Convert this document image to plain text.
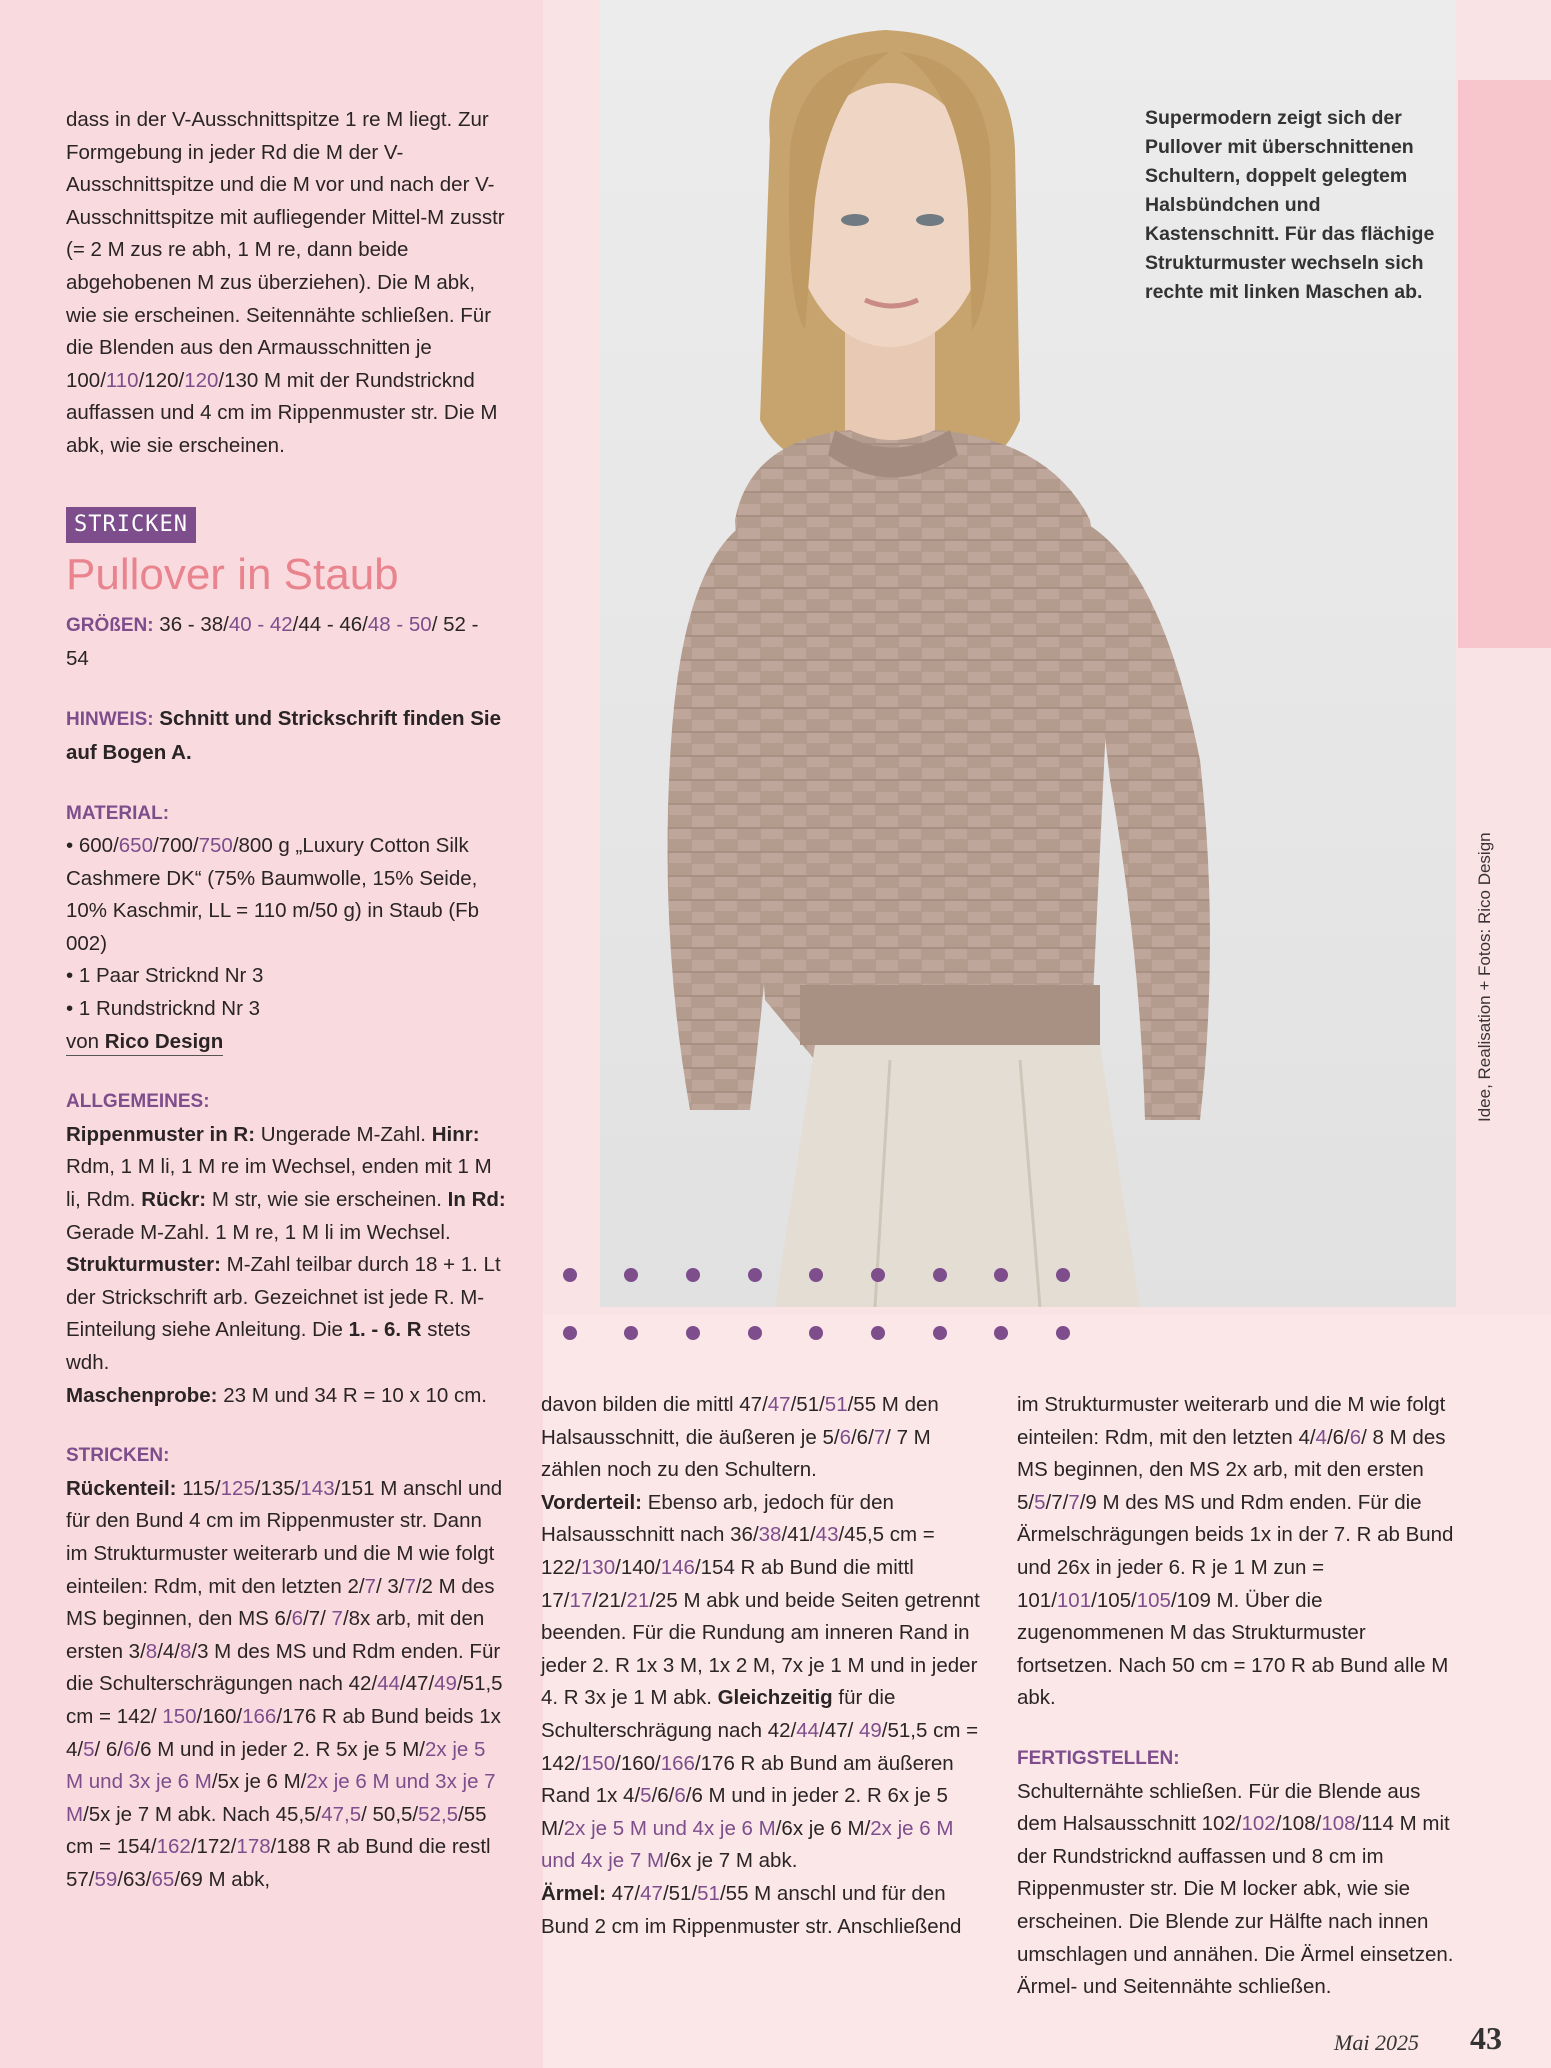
Supermodern zeigt sich der Pullover mit überschnittenen Schultern, doppelt gelegtem Halsbündchen und Kastenschnitt. Für das flächige Strukturmuster wechseln sich rechte mit linken Maschen ab.
Idee, Realisation + Fotos: Rico Design

dass in der V-Ausschnittspitze 1 re M liegt. Zur Formgebung in jeder Rd die M der V-Ausschnittspitze und die M vor und nach der V-Ausschnittspitze mit aufliegender Mittel-M zusstr (= 2 M zus re abh, 1 M re, dann beide abgehobenen M zus überziehen). Die M abk, wie sie erscheinen. Seitennähte schließen. Für die Blenden aus den Armausschnitten je 100/110/120/120/130 M mit der Rundstricknd auffassen und 4 cm im Rippenmuster str. Die M abk, wie sie erscheinen.

STRICKEN
Pullover in Staub

GRÖßEN: 36 - 38/40 - 42/44 - 46/48 - 50/ 52 - 54

HINWEIS: Schnitt und Strickschrift finden Sie auf Bogen A.

MATERIAL:

• 600/650/700/750/800 g „Luxury Cotton Silk Cashmere DK“ (75% Baumwolle, 15% Seide, 10% Kaschmir, LL = 110 m/50 g) in Staub (Fb 002)

• 1 Paar Stricknd Nr 3

• 1 Rundstricknd Nr 3

von Rico Design

ALLGEMEINES:

Rippenmuster in R: Ungerade M-Zahl. Hinr: Rdm, 1 M li, 1 M re im Wechsel, enden mit 1 M li, Rdm. Rückr: M str, wie sie erscheinen. In Rd: Gerade M-Zahl. 1 M re, 1 M li im Wechsel.

Strukturmuster: M-Zahl teilbar durch 18 + 1. Lt der Strickschrift arb. Gezeichnet ist jede R. M-Einteilung siehe Anleitung. Die 1. - 6. R stets wdh.

Maschenprobe: 23 M und 34 R = 10 x 10 cm.

STRICKEN:

Rückenteil: 115/125/135/143/151 M anschl und für den Bund 4 cm im Rippenmuster str. Dann im Strukturmuster weiterarb und die M wie folgt einteilen: Rdm, mit den letzten 2/7/ 3/7/2 M des MS beginnen, den MS 6/6/7/ 7/8x arb, mit den ersten 3/8/4/8/3 M des MS und Rdm enden. Für die Schulterschrägungen nach 42/44/47/49/51,5 cm = 142/ 150/160/166/176 R ab Bund beids 1x 4/5/ 6/6/6 M und in jeder 2. R 5x je 5 M/2x je 5 M und 3x je 6 M/5x je 6 M/2x je 6 M und 3x je 7 M/5x je 7 M abk. Nach 45,5/47,5/ 50,5/52,5/55 cm = 154/162/172/178/188 R ab Bund die restl 57/59/63/65/69 M abk,

davon bilden die mittl 47/47/51/51/55 M den Halsausschnitt, die äußeren je 5/6/6/7/ 7 M zählen noch zu den Schultern.

Vorderteil: Ebenso arb, jedoch für den Halsausschnitt nach 36/38/41/43/45,5 cm = 122/130/140/146/154 R ab Bund die mittl 17/17/21/21/25 M abk und beide Seiten getrennt beenden. Für die Rundung am inneren Rand in jeder 2. R 1x 3 M, 1x 2 M, 7x je 1 M und in jeder 4. R 3x je 1 M abk. Gleichzeitig für die Schulterschrägung nach 42/44/47/ 49/51,5 cm = 142/150/160/166/176 R ab Bund am äußeren Rand 1x 4/5/6/6/6 M und in jeder 2. R 6x je 5 M/2x je 5 M und 4x je 6 M/6x je 6 M/2x je 6 M und 4x je 7 M/6x je 7 M abk.

Ärmel: 47/47/51/51/55 M anschl und für den Bund 2 cm im Rippenmuster str. Anschließend

im Strukturmuster weiterarb und die M wie folgt einteilen: Rdm, mit den letzten 4/4/6/6/ 8 M des MS beginnen, den MS 2x arb, mit den ersten 5/5/7/7/9 M des MS und Rdm enden. Für die Ärmelschrägungen beids 1x in der 7. R ab Bund und 26x in jeder 6. R je 1 M zun = 101/101/105/105/109 M. Über die zugenommenen M das Strukturmuster fortsetzen. Nach 50 cm = 170 R ab Bund alle M abk.

FERTIGSTELLEN:

Schulternähte schließen. Für die Blende aus dem Halsausschnitt 102/102/108/108/114 M mit der Rundstricknd auffassen und 8 cm im Rippenmuster str. Die M locker abk, wie sie erscheinen. Die Blende zur Hälfte nach innen umschlagen und annähen. Die Ärmel einsetzen. Ärmel- und Seitennähte schließen.

Mai 2025 43
